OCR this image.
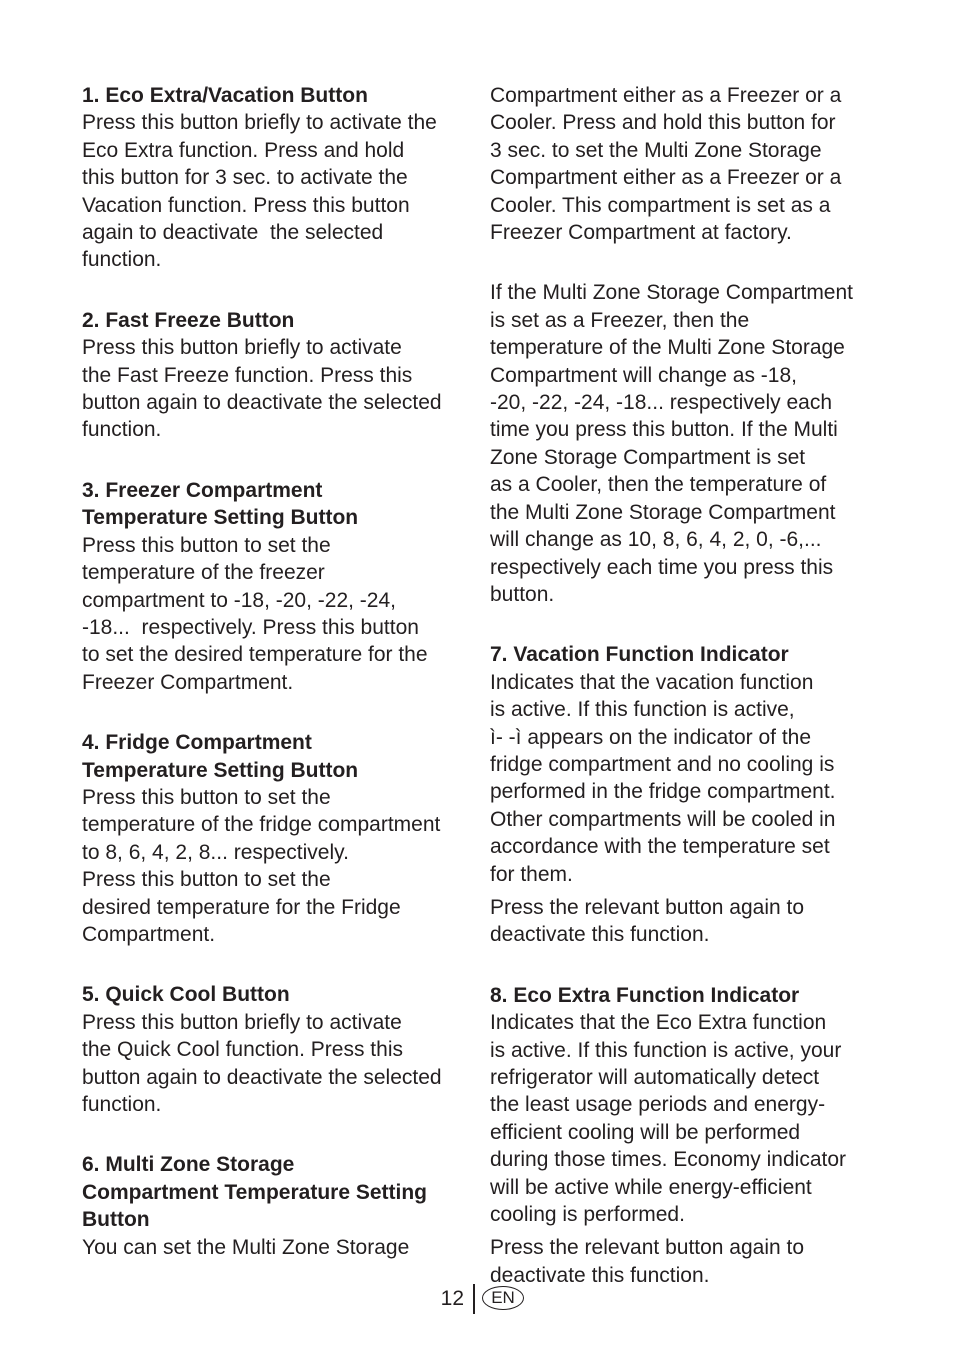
1. Eco Extra/Vacation Button
Press this button briefly to activate the
Eco Extra function. Press and hold
this button for 3 sec. to activate the
Vacation function. Press this button
again to deactivate  the selected
function.
2. Fast Freeze Button
Press this button briefly to activate
the Fast Freeze function. Press this
button again to deactivate the selected
function.
3. Freezer Compartment
Temperature Setting Button
Press this button to set the
temperature of the freezer
compartment to -18, -20, -22, -24,
-18...  respectively. Press this button
to set the desired temperature for the
Freezer Compartment.
4. Fridge Compartment
Temperature Setting Button
Press this button to set the
temperature of the fridge compartment
to 8, 6, 4, 2, 8... respectively.
Press this button to set the
desired temperature for the Fridge
Compartment.
5. Quick Cool Button
Press this button briefly to activate
the Quick Cool function. Press this
button again to deactivate the selected
function.
6. Multi Zone Storage
Compartment Temperature Setting
Button
You can set the Multi Zone Storage
Compartment either as a Freezer or a
Cooler. Press and hold this button for
3 sec. to set the Multi Zone Storage
Compartment either as a Freezer or a
Cooler. This compartment is set as a
Freezer Compartment at factory.
If the Multi Zone Storage Compartment
is set as a Freezer, then the
temperature of the Multi Zone Storage
Compartment will change as -18,
-20, -22, -24, -18... respectively each
time you press this button. If the Multi
Zone Storage Compartment is set
as a Cooler, then the temperature of
the Multi Zone Storage Compartment
will change as 10, 8, 6, 4, 2, 0, -6,...
respectively each time you press this
button.
7. Vacation Function Indicator
Indicates that the vacation function
is active. If this function is active,
ì- -ì appears on the indicator of the
fridge compartment and no cooling is
performed in the fridge compartment.
Other compartments will be cooled in
accordance with the temperature set
for them.
Press the relevant button again to
deactivate this function.
8. Eco Extra Function Indicator
Indicates that the Eco Extra function
is active. If this function is active, your
refrigerator will automatically detect
the least usage periods and energy-
efficient cooling will be performed
during those times. Economy indicator
will be active while energy-efficient
cooling is performed.
Press the relevant button again to
deactivate this function.
12	EN
